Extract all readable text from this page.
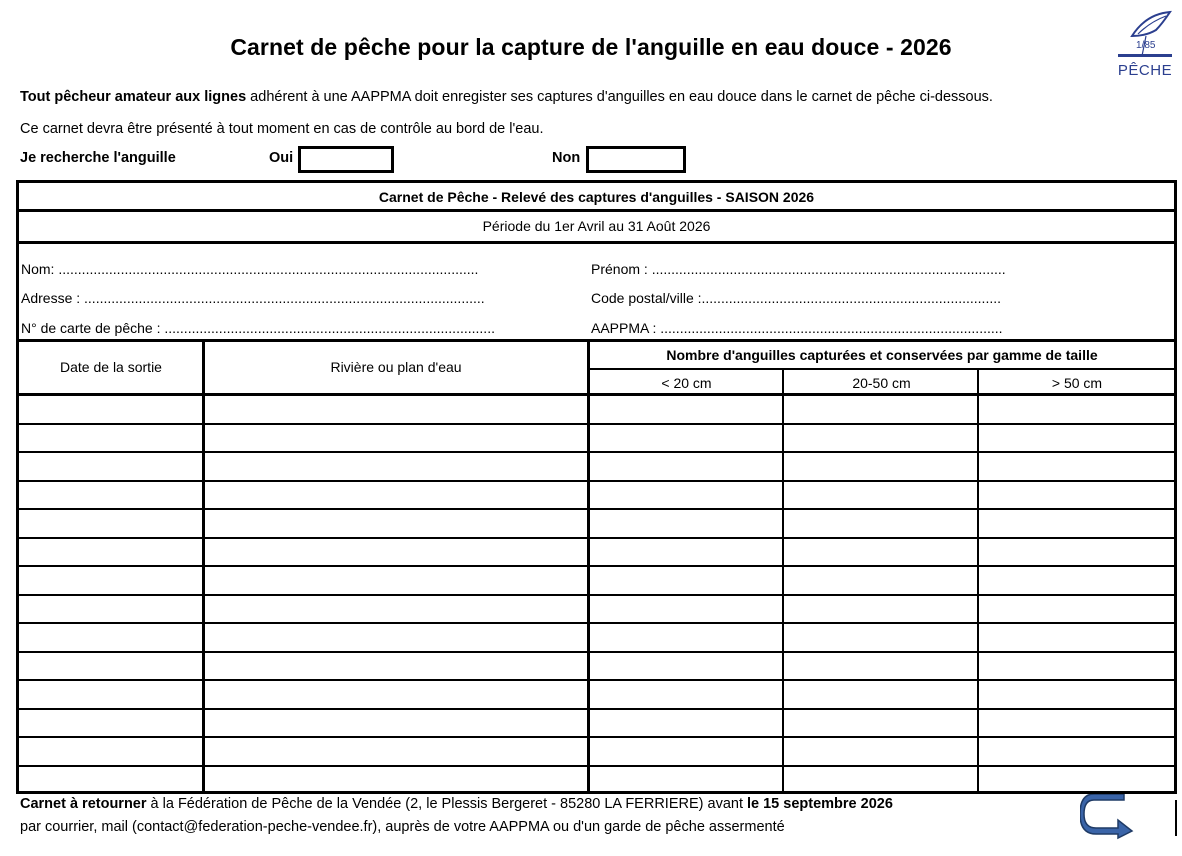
Carnet de pêche pour la capture de l'anguille en eau douce - 2026	1/85
PÊCHE
Tout pêcheur amateur aux lignes adhérent à une AAPPMA doit enregister ses captures d'anguilles en eau douce dans le carnet de pêche ci-dessous.
Ce carnet devra être présenté à tout moment en cas de contrôle au bord de l'eau.
Je recherche l'anguille	Oui	Non
Carnet de Pêche - Relevé des captures d'anguilles - SAISON 2026
Période du 1er Avril au 31 Août 2026
Nom: ............................................................................................................	Prénom : ...........................................................................................
Adresse : .......................................................................................................	Code postal/ville :.............................................................................
N° de carte de pêche : .....................................................................................	AAPPMA : ........................................................................................
Date de la sortie	Rivière ou plan d'eau
Nombre d'anguilles capturées et conservées par gamme de taille
< 20 cm	20-50 cm	> 50 cm
Carnet à retourner à la Fédération de Pêche de la Vendée (2, le Plessis Bergeret - 85280 LA FERRIERE) avant le 15 septembre 2026
par courrier, mail (contact@federation-peche-vendee.fr), auprès de votre AAPPMA ou d'un garde de pêche assermenté
